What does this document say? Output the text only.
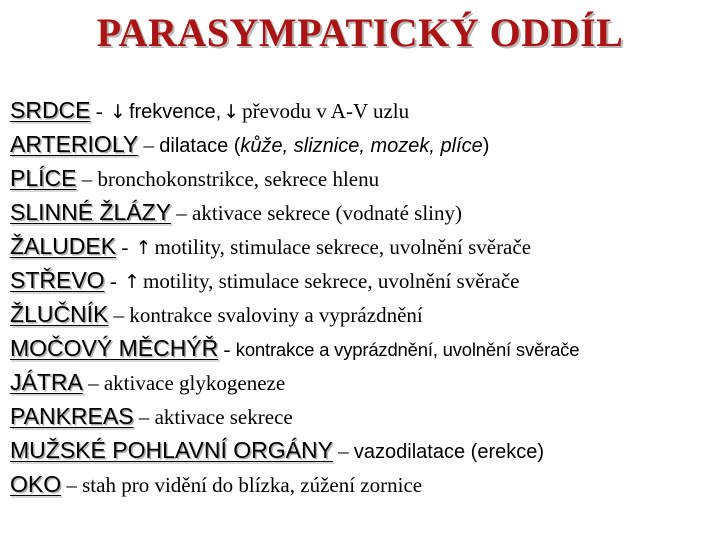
PARASYMPATICKÝ ODDÍL
SRDCE - ↓ frekvence, ↓ převodu v A-V uzlu
ARTERIOLY – dilatace (kůže, sliznice, mozek, plíce)
PLÍCE – bronchokonstrikce, sekrece hlenu
SLINNÉ ŽLÁZY – aktivace sekrece (vodnaté sliny)
ŽALUDEK - ↑ motility, stimulace sekrece, uvolnění svěrače
STŘEVO - ↑ motility, stimulace sekrece, uvolnění svěrače
ŽLUČNÍK – kontrakce svaloviny a vyprázdnění
MOČOVÝ MĚCHÝŘ - kontrakce a vyprázdnění, uvolnění svěrače
JÁTRA – aktivace glykogeneze
PANKREAS – aktivace sekrece
MUŽSKÉ POHLAVNÍ ORGÁNY – vazodilatace (erekce)
OKO – stah pro vidění do blízka, zúžení zornice
